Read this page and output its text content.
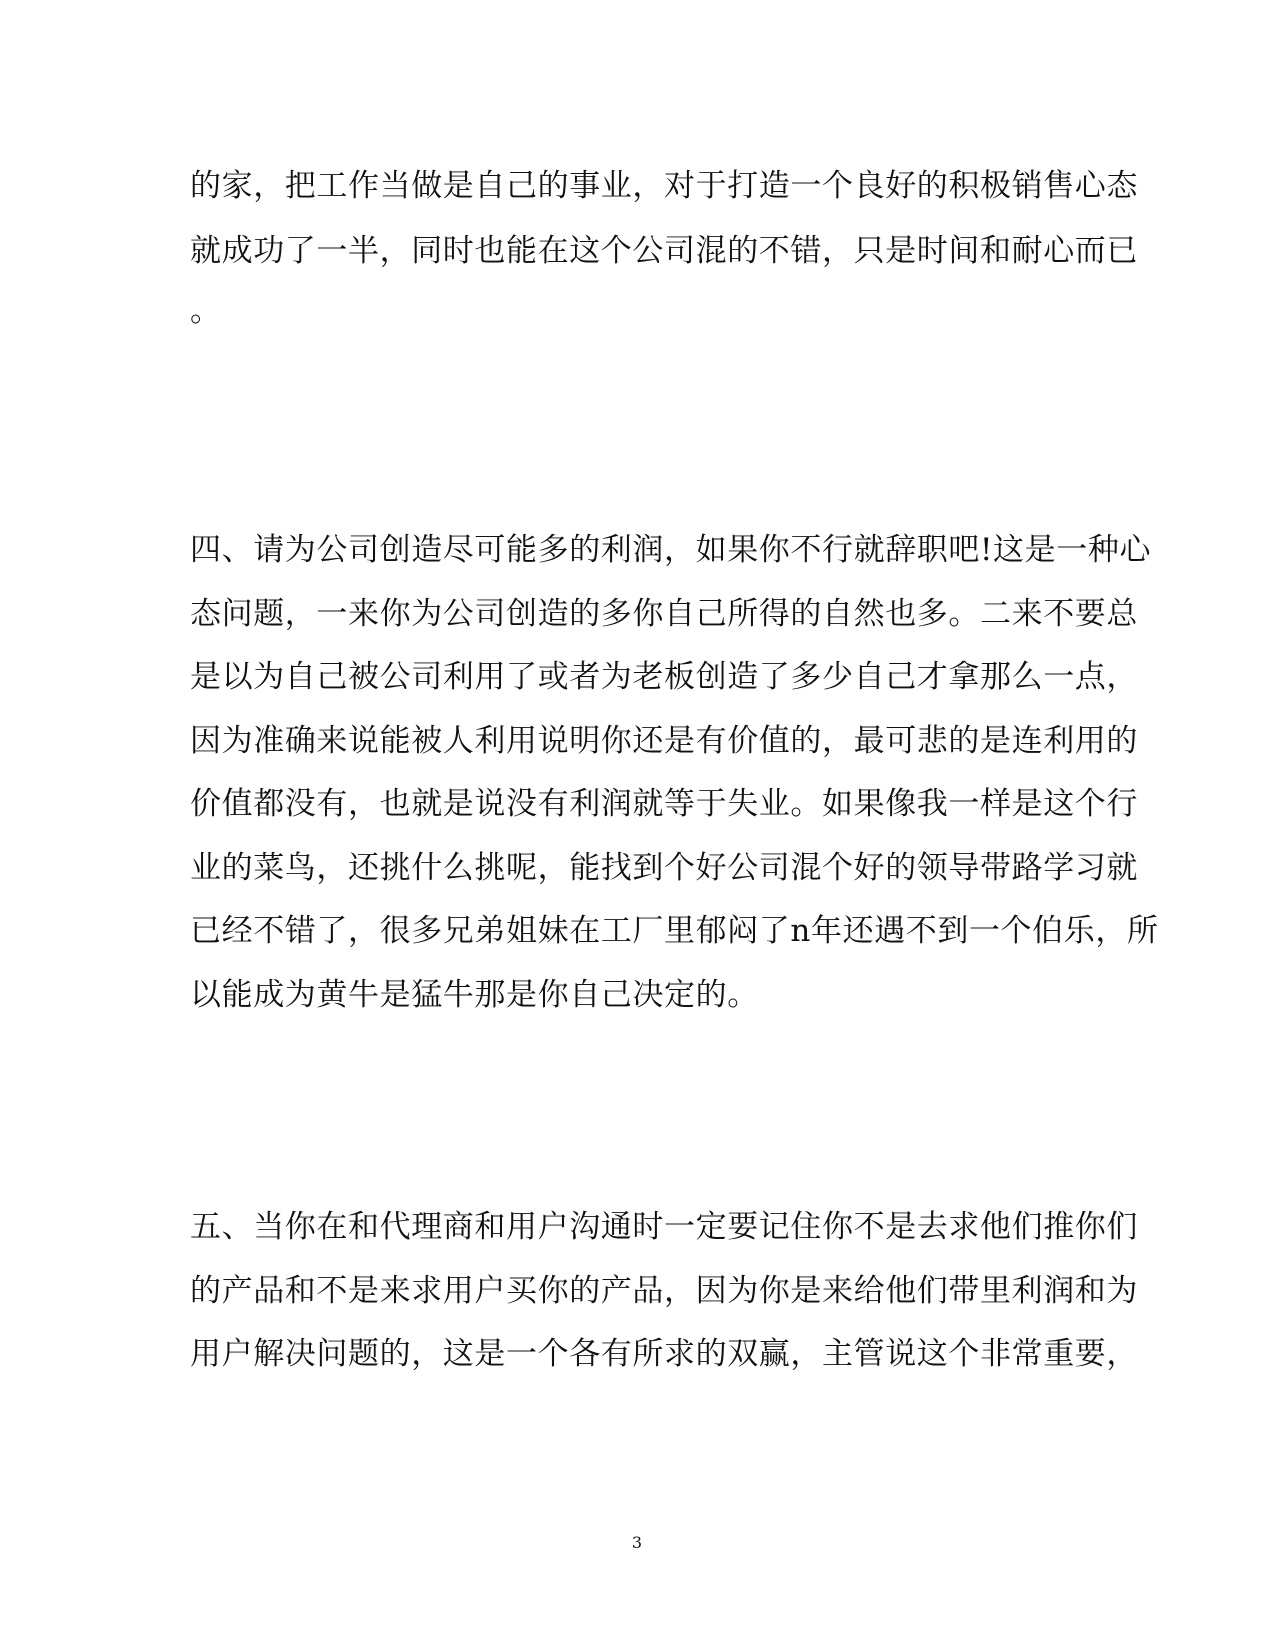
的家，把工作当做是自己的事业，对于打造一个良好的积极销售心态
就成功了一半，同时也能在这个公司混的不错，只是时间和耐心而已
。
四、请为公司创造尽可能多的利润，如果你不行就辞职吧!这是一种心
态问题，一来你为公司创造的多你自己所得的自然也多。二来不要总
是以为自己被公司利用了或者为老板创造了多少自己才拿那么一点，
因为准确来说能被人利用说明你还是有价值的，最可悲的是连利用的
价值都没有，也就是说没有利润就等于失业。如果像我一样是这个行
业的菜鸟，还挑什么挑呢，能找到个好公司混个好的领导带路学习就
已经不错了，很多兄弟姐妹在工厂里郁闷了n年还遇不到一个伯乐，所
以能成为黄牛是猛牛那是你自己决定的。
五、当你在和代理商和用户沟通时一定要记住你不是去求他们推你们
的产品和不是来求用户买你的产品，因为你是来给他们带里利润和为
用户解决问题的，这是一个各有所求的双赢，主管说这个非常重要，
3
